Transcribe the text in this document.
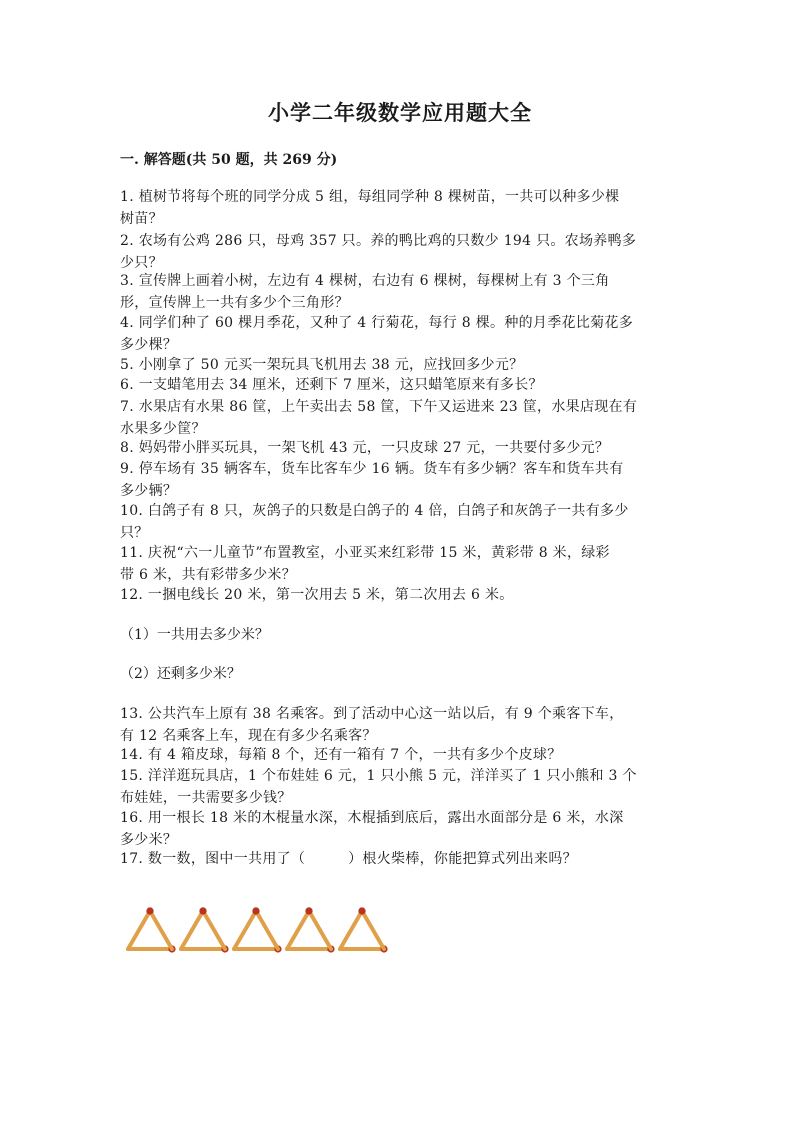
小学二年级数学应用题大全
一. 解答题(共 50 题，共 269 分)
1. 植树节将每个班的同学分成 5 组，每组同学种 8 棵树苗，一共可以种多少棵
树苗？
2. 农场有公鸡 286 只，母鸡 357 只。养的鸭比鸡的只数少 194 只。农场养鸭多
少只？
3. 宣传牌上画着小树，左边有 4 棵树，右边有 6 棵树，每棵树上有 3 个三角
形，宣传牌上一共有多少个三角形？
4. 同学们种了 60 棵月季花，又种了 4 行菊花，每行 8 棵。种的月季花比菊花多
多少棵？
5. 小刚拿了 50 元买一架玩具飞机用去 38 元，应找回多少元？
6. 一支蜡笔用去 34 厘米，还剩下 7 厘米，这只蜡笔原来有多长？
7. 水果店有水果 86 筐，上午卖出去 58 筐，下午又运进来 23 筐，水果店现在有
水果多少筐？
8. 妈妈带小胖买玩具，一架飞机 43 元，一只皮球 27 元，一共要付多少元？
9. 停车场有 35 辆客车，货车比客车少 16 辆。货车有多少辆？客车和货车共有
多少辆？
10. 白鸽子有 8 只，灰鸽子的只数是白鸽子的 4 倍，白鸽子和灰鸽子一共有多少
只？
11. 庆祝“六一儿童节”布置教室，小亚买来红彩带 15 米，黄彩带 8 米，绿彩
带 6 米，共有彩带多少米？
12. 一捆电线长 20 米，第一次用去 5 米，第二次用去 6 米。
（1）一共用去多少米？
（2）还剩多少米？
13. 公共汽车上原有 38 名乘客。到了活动中心这一站以后，有 9 个乘客下车，
有 12 名乘客上车，现在有多少名乘客？
14. 有 4 箱皮球，每箱 8 个，还有一箱有 7 个，一共有多少个皮球？
15. 洋洋逛玩具店，1 个布娃娃 6 元，1 只小熊 5 元，洋洋买了 1 只小熊和 3 个
布娃娃，一共需要多少钱？
16. 用一根长 18 米的木棍量水深，木棍插到底后，露出水面部分是 6 米，水深
多少米？
17. 数一数，图中一共用了（　　　）根火柴棒，你能把算式列出来吗？
